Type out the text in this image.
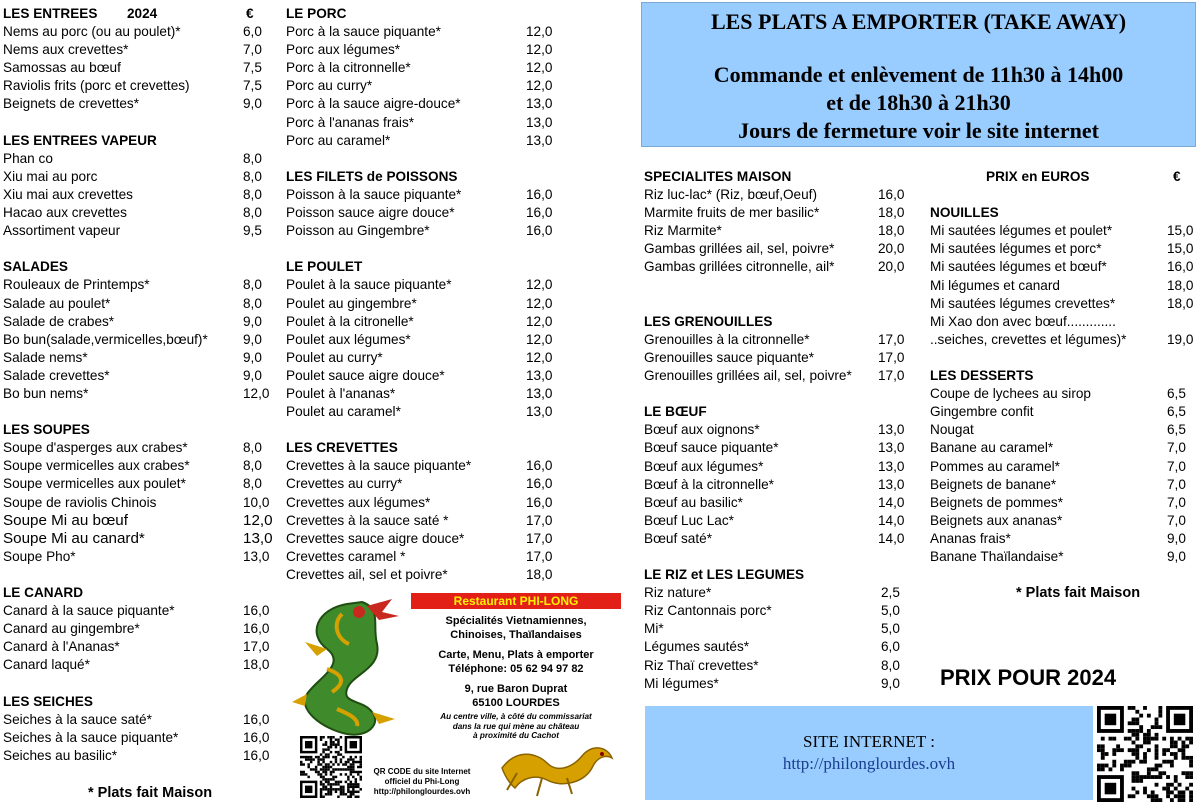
LES ENTREES 2024	€
Nems au porc (ou au poulet)*	6,0
Nems aux crevettes*	7,0
Samossas au bœuf	7,5
Raviolis frits (porc et crevettes)	7,5
Beignets de crevettes*	9,0
LES ENTREES VAPEUR
Phan co	8,0
Xiu mai au porc	8,0
Xiu mai aux crevettes	8,0
Hacao aux crevettes	8,0
Assortiment vapeur	9,5
SALADES
Rouleaux de Printemps*	8,0
Salade au poulet*	8,0
Salade de crabes*	9,0
Bo bun(salade,vermicelles,bœuf)*	9,0
Salade nems*	9,0
Salade crevettes*	9,0
Bo bun nems*	12,0
LES SOUPES
Soupe d'asperges aux crabes*	8,0
Soupe vermicelles aux crabes*	8,0
Soupe vermicelles aux poulet*	8,0
Soupe de raviolis Chinois	10,0
Soupe Mi au bœuf	12,0
Soupe Mi au canard*	13,0
Soupe Pho*	13,0
LE CANARD
Canard à la sauce piquante*	16,0
Canard au gingembre*	16,0
Canard à l'Ananas*	17,0
Canard laqué*	18,0
LES SEICHES
Seiches à la sauce saté*	16,0
Seiches à la sauce piquante*	16,0
Seiches au basilic*	16,0
* Plats fait Maison
LE PORC
Porc à la sauce piquante*	12,0
Porc aux légumes*	12,0
Porc à la citronnelle*	12,0
Porc au curry*	12,0
Porc à la sauce aigre-douce*	13,0
Porc à l'ananas frais*	13,0
Porc au caramel*	13,0
LES FILETS de POISSONS
Poisson à la sauce piquante*	16,0
Poisson sauce aigre douce*	16,0
Poisson au Gingembre*	16,0
LE POULET
Poulet à la sauce piquante*	12,0
Poulet au gingembre*	12,0
Poulet à la citronelle*	12,0
Poulet aux légumes*	12,0
Poulet au curry*	12,0
Poulet sauce aigre douce*	13,0
Poulet à l'ananas*	13,0
Poulet au caramel*	13,0
LES CREVETTES
Crevettes à la sauce piquante*	16,0
Crevettes au curry*	16,0
Crevettes aux légumes*	16,0
Crevettes à la sauce saté *	17,0
Crevettes sauce aigre douce*	17,0
Crevettes caramel *	17,0
Crevettes ail, sel et poivre*	18,0
LES PLATS A EMPORTER (TAKE AWAY)
Commande et enlèvement de 11h30 à 14h00
et de 18h30 à 21h30
Jours de fermeture voir le site internet
SPECIALITES MAISON
Riz luc-lac* (Riz, bœuf,Oeuf)	16,0
Marmite fruits de mer basilic*	18,0
Riz Marmite*	18,0
Gambas grillées ail, sel, poivre*	20,0
Gambas grillées citronnelle, ail*	20,0
LES GRENOUILLES
Grenouilles à la citronnelle*	17,0
Grenouilles sauce piquante*	17,0
Grenouilles grillées ail, sel, poivre* 17,0
LE BŒUF
Bœuf aux oignons*	13,0
Bœuf sauce piquante*	13,0
Bœuf aux légumes*	13,0
Bœuf à la citronnelle*	13,0
Bœuf au basilic*	14,0
Bœuf Luc Lac*	14,0
Bœuf saté*	14,0
LE RIZ et LES LEGUMES
Riz nature*	2,5
Riz Cantonnais porc*	5,0
Mi*	5,0
Légumes sautés*	6,0
Riz Thaï crevettes*	8,0
Mi légumes*	9,0
PRIX en EUROS	€
NOUILLES
Mi sautées légumes et poulet*	15,0
Mi sautées légumes et porc*	15,0
Mi sautées légumes et bœuf*	16,0
Mi légumes et canard	18,0
Mi sautées légumes crevettes*	18,0
Mi Xao don avec bœuf.............
..seiches, crevettes et légumes)*	19,0
LES DESSERTS
Coupe de lychees au sirop	6,5
Gingembre confit	6,5
Nougat	6,5
Banane au caramel*	7,0
Pommes au caramel*	7,0
Beignets de banane*	7,0
Beignets de pommes*	7,0
Beignets aux ananas*	7,0
Ananas frais*	9,0
Banane Thaïlandaise*	9,0
* Plats fait Maison
PRIX POUR 2024
SITE INTERNET :
http://philonglourdes.ovh
Restaurant PHI-LONG
Spécialités Vietnamiennes,
Chinoises, Thaïlandaises
Carte, Menu, Plats à emporter
Téléphone: 05 62 94 97 82
9, rue Baron Duprat
65100 LOURDES
Au centre ville, à côté du commissariat
dans la rue qui mène au château
à proximité du Cachot
QR CODE du site Internet
officiel du Phi-Long
http://philonglourdes.ovh
